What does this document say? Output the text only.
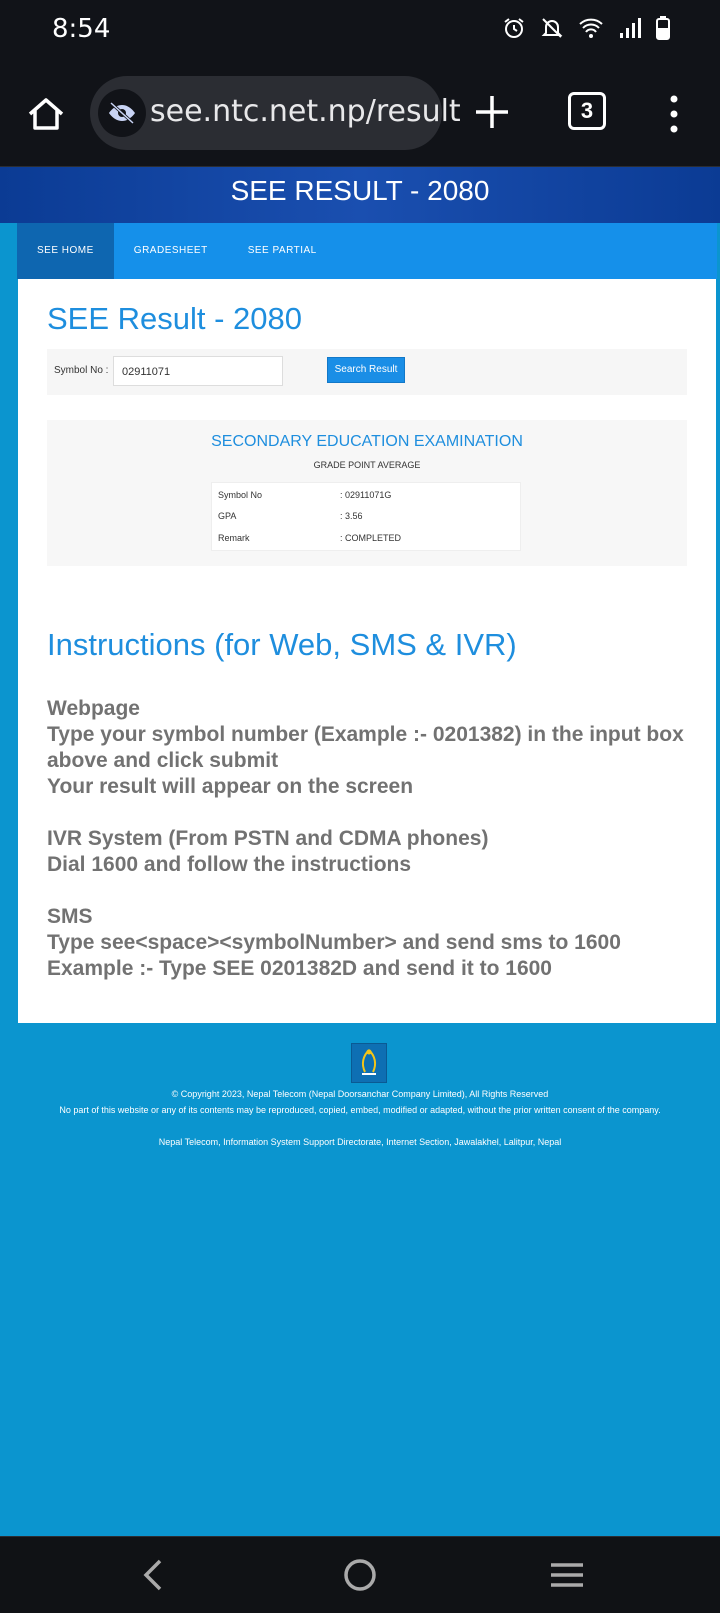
8:54
see.ntc.net.np/result	3
SEE RESULT - 2080
SEE HOME	GRADESHEET	SEE PARTIAL
SEE Result - 2080
Symbol No :	02911071	Search Result
SECONDARY EDUCATION EXAMINATION
GRADE POINT AVERAGE
Symbol No	: 02911071G
GPA	: 3.56
Remark	: COMPLETED
Instructions (for Web, SMS & IVR)

Webpage

Type your symbol number (Example :- 0201382) in the input box above and click submit

Your result will appear on the screen

IVR System (From PSTN and CDMA phones)

Dial 1600 and follow the instructions

SMS

Type see<space><symbolNumber> and send sms to 1600

Example :- Type SEE 0201382D and send it to 1600

© Copyright 2023, Nepal Telecom (Nepal Doorsanchar Company Limited), All Rights Reserved
No part of this website or any of its contents may be reproduced, copied, embed, modified or adapted, without the prior written consent of the company.
Nepal Telecom, Information System Support Directorate, Internet Section, Jawalakhel, Lalitpur, Nepal
